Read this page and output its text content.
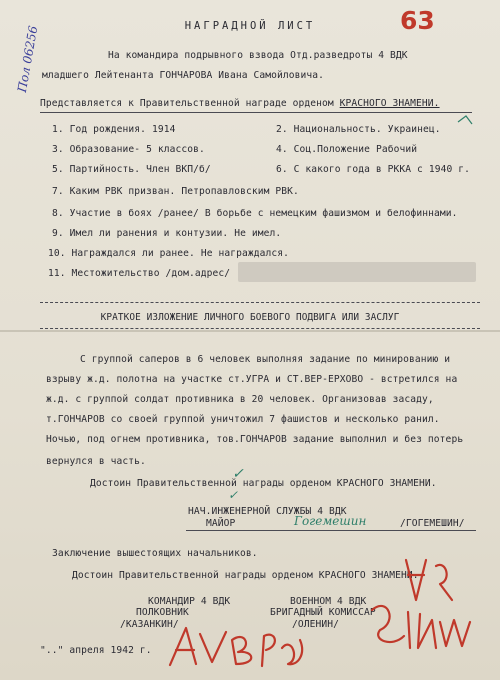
Пол 06256
63
НАГРАДНОЙ ЛИСТ
На командира подрывного взвода Отд.разведроты 4 ВДК
младшего Лейтенанта ГОНЧАРОВА Ивана Самойловича.
Представляется к Правительственной награде орденом КРАСНОГО ЗНАМЕНИ.
1. Год рождения. 1914	2. Национальность. Украинец.
3. Образование- 5 классов.	4. Соц.Положение Рабочий
5. Партийность. Член ВКП/б/	6. С какого года в РККА с 1940 г.
7. Каким РВК призван. Петропавловским РВК.
8. Участие в боях /ранее/ В борьбе с немецким фашизмом и белофиннами.
9. Имел ли ранения и контузии. Не имел.
10. Награждался ли ранее. Не награждался.
11. Местожительство /дом.адрес/
КРАТКОЕ ИЗЛОЖЕНИЕ ЛИЧНОГО БОЕВОГО ПОДВИГА ИЛИ ЗАСЛУГ
С группой саперов в 6 человек выполняя задание по минированию и
взрыву ж.д. полотна на участке ст.УГРА и СТ.ВЕР-ЕРХОВО - встретился на
ж.д. с группой солдат противника в 20 человек. Организовав засаду,
т.ГОНЧАРОВ со своей группой уничтожил 7 фашистов и несколько ранил.
Ночью, под огнем противника, тов.ГОНЧАРОВ задание выполнил и без потерь
вернулся в часть.
Достоин Правительственной награды орденом КРАСНОГО ЗНАМЕНИ.
✓
✓
НАЧ.ИНЖЕНЕРНОЙ СЛУЖБЫ 4 ВДК
МАЙОР	Гогемешин	/ГОГЕМЕШИН/
Заключение вышестоящих начальников.
Достоин Правительственной награды орденом КРАСНОГО ЗНАМЕНИ.
КОМАНДИР 4 ВДК
ПОЛКОВНИК
/КАЗАНКИН/
ВОЕННОМ 4 ВДК
БРИГАДНЫЙ КОМИССАР
/ОЛЕНИН/
".." апреля 1942 г.
